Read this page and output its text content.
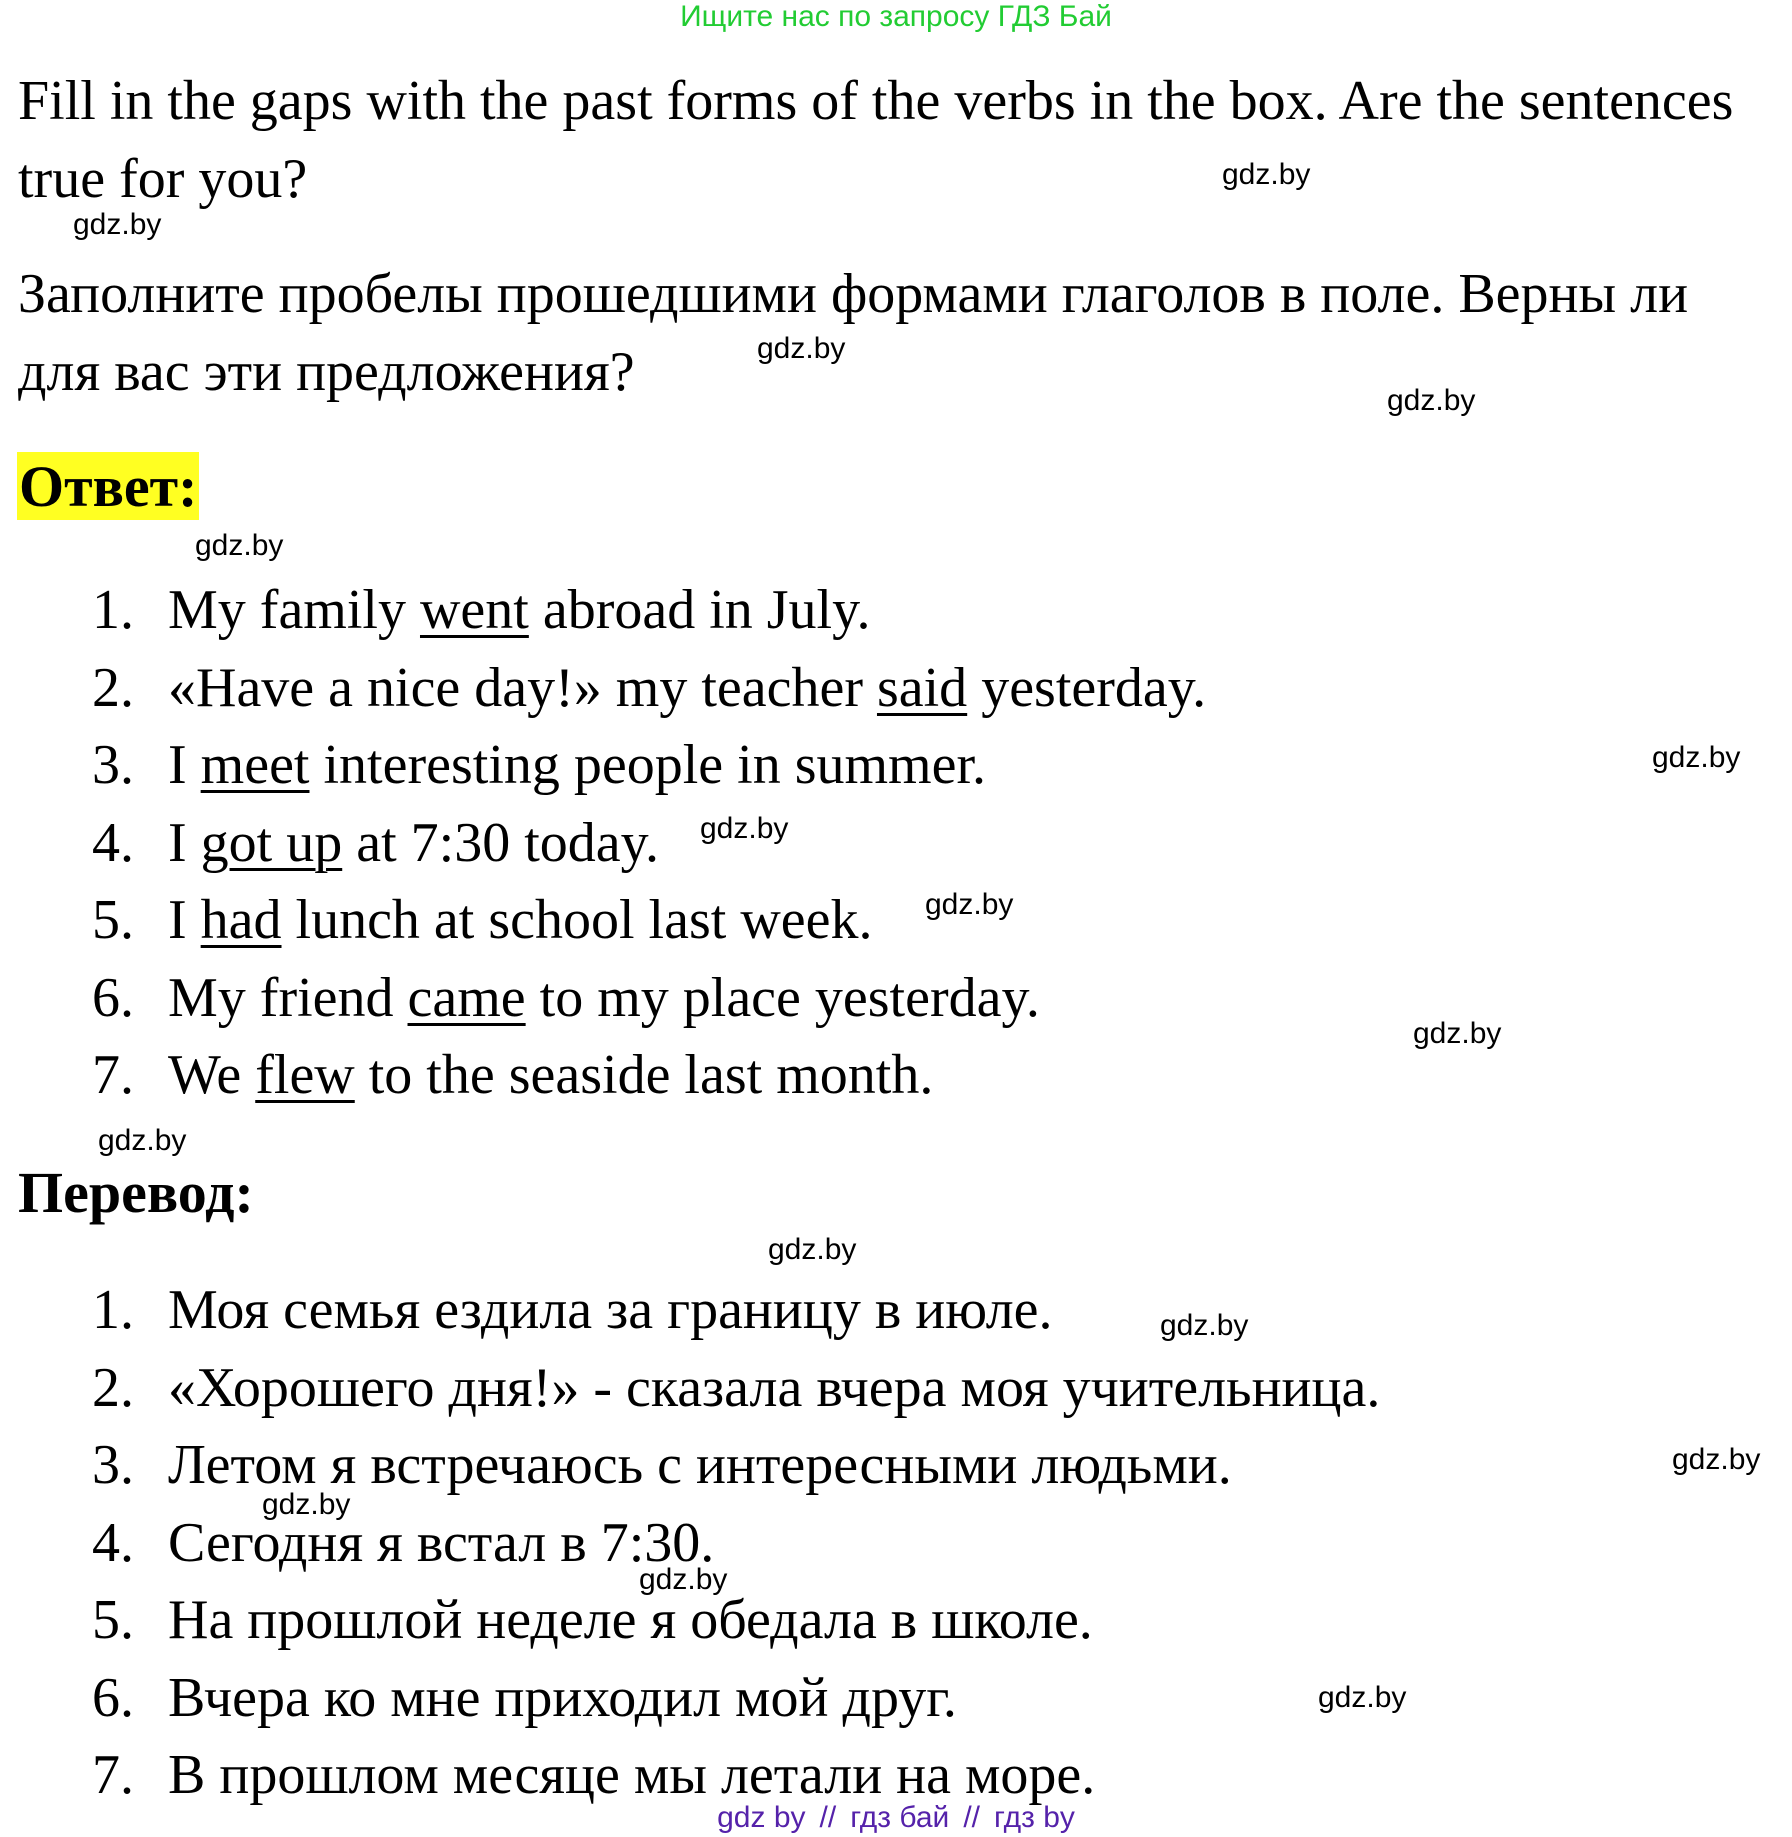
Ищите нас по запросу ГДЗ Бай

Fill in the gaps with the past forms of the verbs in the box. Are the sentences true for you?

Заполните пробелы прошедшими формами глаголов в поле. Верны ли для вас эти предложения?

Ответ:
1. My family went abroad in July.
2. «Have a nice day!» my teacher said yesterday.
3. I meet interesting people in summer.
4. I got up at 7:30 today.
5. I had lunch at school last week.
6. My friend came to my place yesterday.
7. We flew to the seaside last month.
Перевод:
1. Моя семья ездила за границу в июле.
2. «Хорошего дня!» - сказала вчера моя учительница.
3. Летом я встречаюсь с интересными людьми.
4. Сегодня я встал в 7:30.
5. На прошлой неделе я обедала в школе.
6. Вчера ко мне приходил мой друг.
7. В прошлом месяце мы летали на море.
gdz.by
gdz.by
gdz.by
gdz.by
gdz.by
gdz.by
gdz.by
gdz.by
gdz.by
gdz.by
gdz.by
gdz.by
gdz.by
gdz.by
gdz.by
gdz.by
gdz by // гдз бай // гдз by
